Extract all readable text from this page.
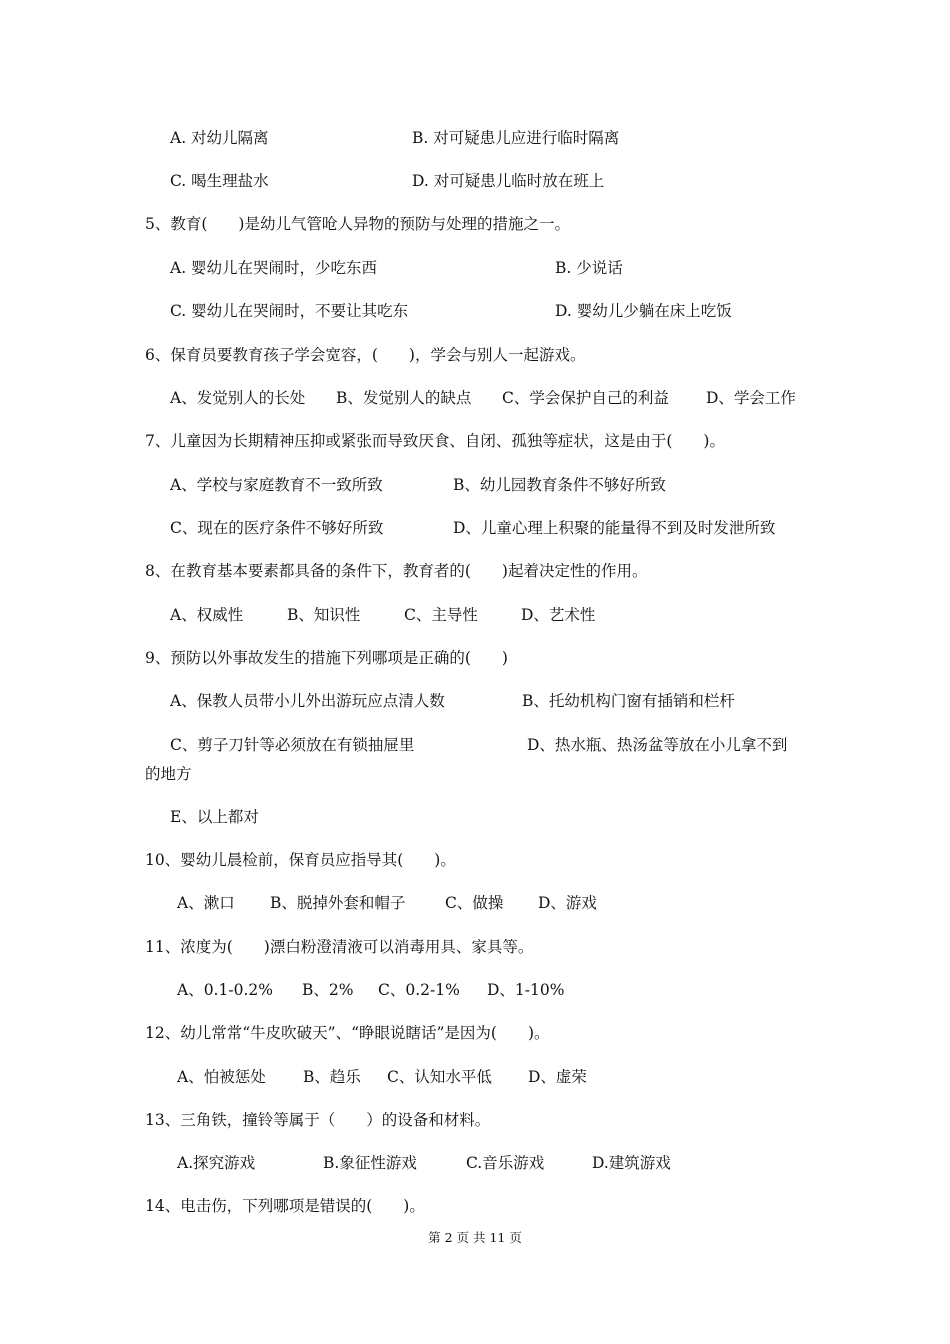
A. 对幼儿隔离	B. 对可疑患儿应进行临时隔离
C. 喝生理盐水	D. 对可疑患儿临时放在班上
5、教育(　　)是幼儿气管呛人异物的预防与处理的措施之一。
A. 婴幼儿在哭闹时，少吃东西	B. 少说话
C. 婴幼儿在哭闹时，不要让其吃东	D. 婴幼儿少躺在床上吃饭
6、保育员要教育孩子学会宽容，(　　)，学会与别人一起游戏。
A、发觉别人的长处 B、发觉别人的缺点 C、学会保护自己的利益 D、学会工作
7、儿童因为长期精神压抑或紧张而导致厌食、自闭、孤独等症状，这是由于(　　)。
A、学校与家庭教育不一致所致	B、幼儿园教育条件不够好所致
C、现在的医疗条件不够好所致	D、儿童心理上积聚的能量得不到及时发泄所致
8、在教育基本要素都具备的条件下，教育者的(　　)起着决定性的作用。
A、权威性	B、知识性	C、主导性	D、艺术性
9、预防以外事故发生的措施下列哪项是正确的(　　)
A、保教人员带小儿外出游玩应点清人数	B、托幼机构门窗有插销和栏杆
C、剪子刀针等必须放在有锁抽屉里	D、热水瓶、热汤盆等放在小儿拿不到
的地方
E、以上都对
10、婴幼儿晨检前，保育员应指导其(　　)。
A、漱口 B、脱掉外套和帽子	C、做操 D、游戏
11、浓度为(　　)漂白粉澄清液可以消毒用具、家具等。
A、0.1-0.2% B、2% C、0.2-1% D、1-10%
12、幼儿常常“牛皮吹破天”、“睁眼说瞎话”是因为(　　)。
A、怕被惩处 B、趋乐 C、认知水平低 D、虚荣
13、三角铁，撞铃等属于（　　）的设备和材料。
A.探究游戏	B.象征性游戏	C.音乐游戏	D.建筑游戏
14、电击伤，下列哪项是错误的(　　)。
第 2 页 共 11 页
